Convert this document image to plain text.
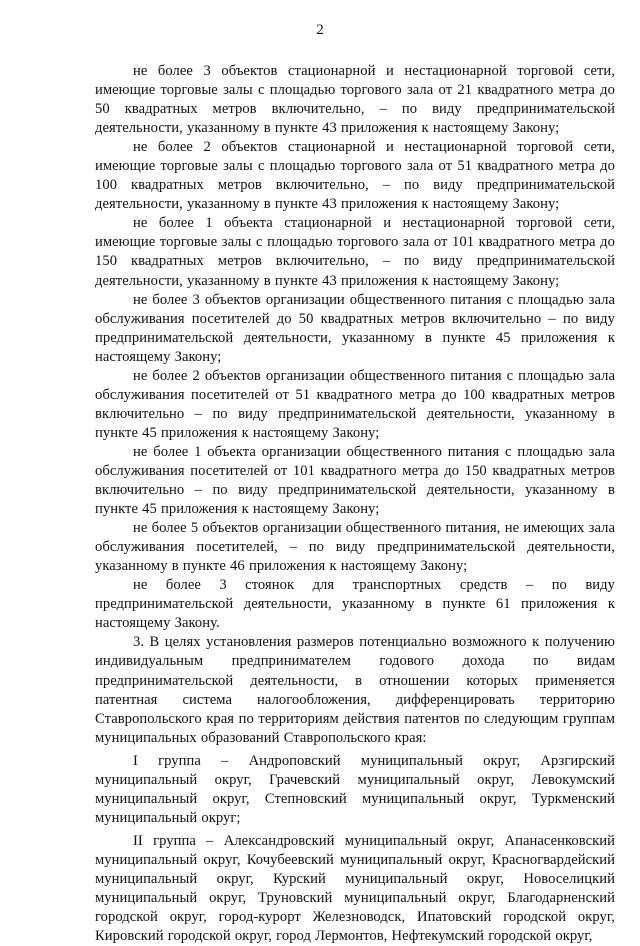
2

не более 3 объектов стационарной и нестационарной торговой сети, имеющие торговые залы с площадью торгового зала от 21 квадратного метра до 50 квадратных метров включительно, – по виду предпринимательской деятельности, указанному в пункте 43 приложения к настоящему Закону;

не более 2 объектов стационарной и нестационарной торговой сети, имеющие торговые залы с площадью торгового зала от 51 квадратного метра до 100 квадратных метров включительно, – по виду предпринимательской деятельности, указанному в пункте 43 приложения к настоящему Закону;

не более 1 объекта стационарной и нестационарной торговой сети, имеющие торговые залы с площадью торгового зала от 101 квадратного метра до 150 квадратных метров включительно, – по виду предпринимательской деятельности, указанному в пункте 43 приложения к настоящему Закону;

не более 3 объектов организации общественного питания с площадью зала обслуживания посетителей до 50 квадратных метров включительно – по виду предпринимательской деятельности, указанному в пункте 45 приложения к настоящему Закону;

не более 2 объектов организации общественного питания с площадью зала обслуживания посетителей от 51 квадратного метра до 100 квадратных метров включительно – по виду предпринимательской деятельности, указанному в пункте 45 приложения к настоящему Закону;

не более 1 объекта организации общественного питания с площадью зала обслуживания посетителей от 101 квадратного метра до 150 квадратных метров включительно – по виду предпринимательской деятельности, указанному в пункте 45 приложения к настоящему Закону;

не более 5 объектов организации общественного питания, не имеющих зала обслуживания посетителей, – по виду предпринимательской деятельности, указанному в пункте 46 приложения к настоящему Закону;

не более 3 стоянок для транспортных средств – по виду предпринимательской деятельности, указанному в пункте 61 приложения к настоящему Закону.

3. В целях установления размеров потенциально возможного к получению индивидуальным предпринимателем годового дохода по видам предпринимательской деятельности, в отношении которых применяется патентная система налогообложения, дифференцировать территорию Ставропольского края по территориям действия патентов по следующим группам муниципальных образований Ставропольского края:

I группа – Андроповский муниципальный округ, Арзгирский муниципальный округ, Грачевский муниципальный округ, Левокумский муниципальный округ, Степновский муниципальный округ, Туркменский муниципальный округ;

II группа – Александровский муниципальный округ, Апанасенковский муниципальный округ, Кочубеевский муниципальный округ, Красногвардейский муниципальный округ, Курский муниципальный округ, Новоселицкий муниципальный округ, Труновский муниципальный округ, Благодарненский городской округ, город-курорт Железноводск, Ипатовский городской округ, Кировский городской округ, город Лермонтов, Нефтекумский городской округ,
